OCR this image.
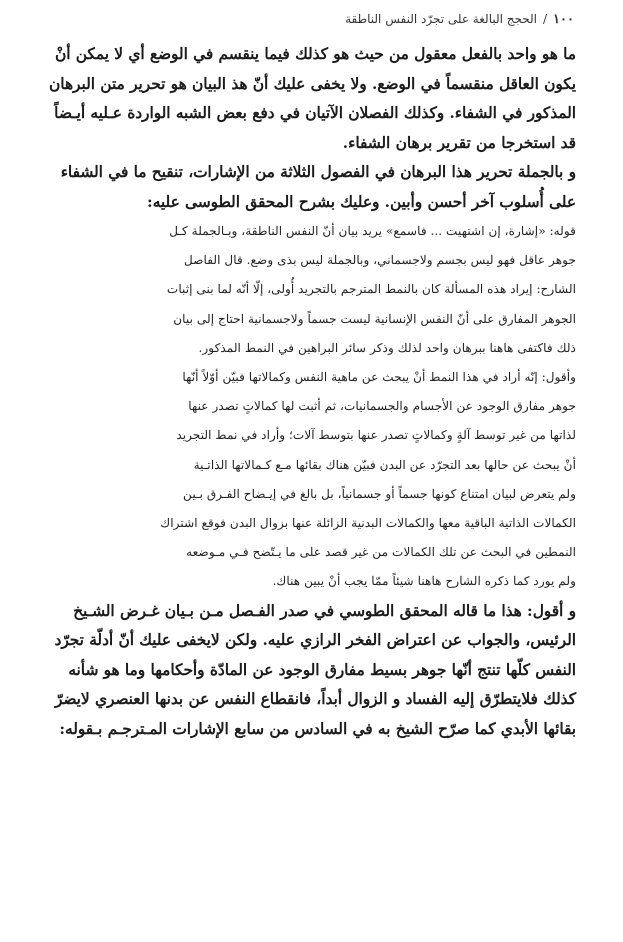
١٠٠
/
الحجج البالغة على تجرّد النفس الناطقة

ما هو واحد بالفعل معقول من حيث هو كذلك فيما ينقسم في الوضع أي لا يمكن أنْ
يكون العاقل منقسماً في الوضع. ولا يخفى عليك أنّ هذ البيان هو تحرير متن البرهان
المذكور في الشفاء. وكذلك الفصلان الآتيان في دفع بعض الشبه الواردة عـليه أيـضاً
قد استخرجا من تقرير برهان الشفاء.

و بالجملة تحرير هذا البرهان في الفصول الثلاثة من الإشارات، تنقيح ما في الشفاء
على أُسلوب آخر أحسن وأبين. وعليك بشرح المحقق الطوسى عليه:

قوله: «إشارة، إن اشتهيت ... فاسمع» يريد بيان أنّ النفس الناطقة، وبـالجملة كـل
جوهر عاقل فهو ليس بجسم ولاجسماني، وبالجملة ليس بذى وضع. قال الفاصل
الشارح: إيراد هذه المسألة كان بالنمط المترجم بالتجريد أُولى، إلّا أنّه لما بنى إثبات
الجوهر المفارق على أنّ النفس الإنسانية ليست جسماً ولاجسمانية احتاج إلى بيان
ذلك فاكتفى هاهنا ببرهان واحد لذلك وذكر سائر البراهين في النمط المذكور.

وأقول: إنّه أراد في هذا النمط أنْ يبحث عن ماهية النفس وكمالاتها فبيّن أوّلاً أنّها
جوهر مفارق الوجود عن الأجسام والجسمانيات، ثم أثبت لها كمالاتٍ تصدر عنها
لذاتها من غير توسط آلةٍ وكمالاتٍ تصدر عنها بتوسط آلات؛ وأراد في نمط التجريد
أنْ يبحث عن حالها بعد التجرّد عن البدن فبيّن هناك بقائها مـع كـمالاتها الذاتـية
ولم يتعرض لبيان امتناع كونها جسماً أو جسمانياً، بل بالغ في إيـضاح الفـرق بـين
الكمالات الذاتية الباقية معها والكمالات البدنية الزائلة عنها بزوال البدن فوقع اشتراك
النمطين في البحث عن تلك الكمالات من غير قصد على ما يـتّضح فـي مـوضعه
ولم يورد كما ذكره الشارح هاهنا شيئاً ممّا يجب أنْ يبين هناك.

و أقول: هذا ما قاله المحقق الطوسي في صدر الفـصل مـن بـيان غـرض الشـيخ
الرئيس، والجواب عن اعتراض الفخر الرازي عليه. ولكن لايخفى عليك أنّ أدلّة تجرّد
النفس كلّها تنتج أنّها جوهر بسيط مفارق الوجود عن المادّة وأحكامها وما هو شأنه
كذلك فلايتطرّق إليه الفساد و الزوال أبداً، فانقطاع النفس عن بدنها العنصري لايضرّ
بقائها الأبدي كما صرّح الشيخ به في السادس من سابع الإشارات المـترجـم بـقوله:
